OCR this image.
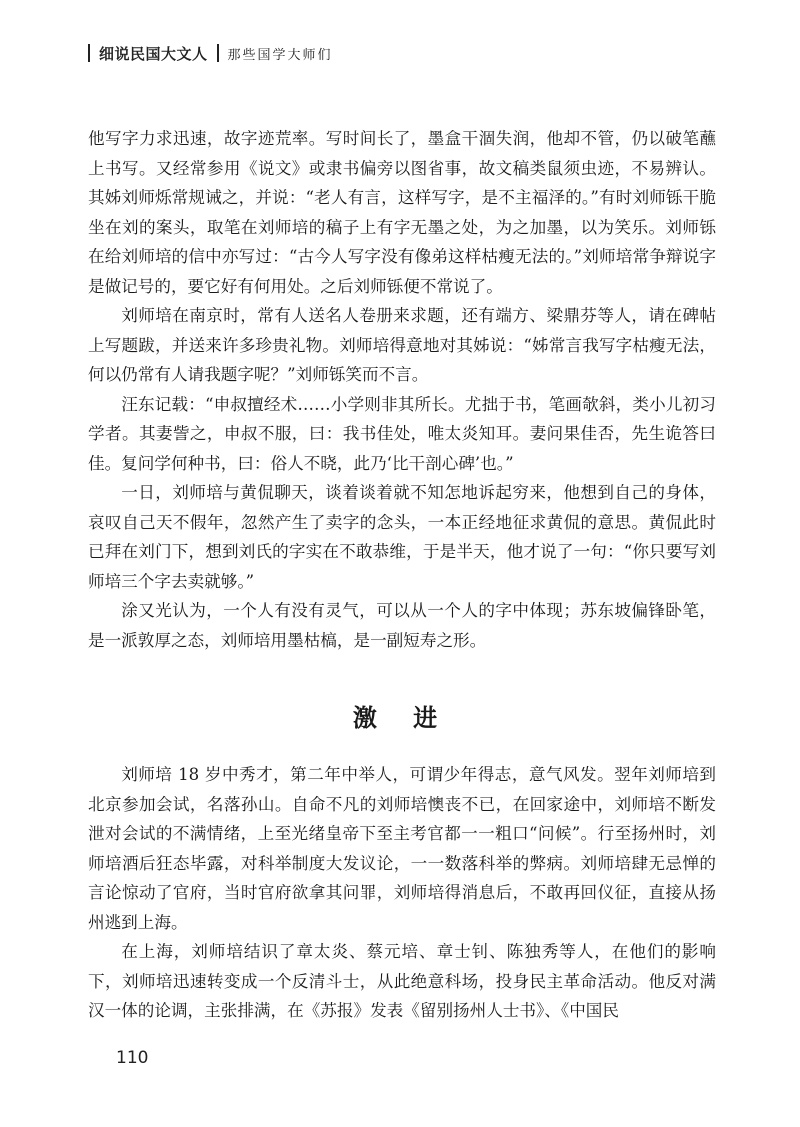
细说民国大文人 那些国学大师们

他写字力求迅速，故字迹荒率。写时间长了，墨盒干涸失润，他却不管，仍以破笔蘸上书写。又经常参用《说文》或隶书偏旁以图省事，故文稿类鼠须虫迹，不易辨认。其姊刘师烁常规诫之，并说：“老人有言，这样写字，是不主福泽的。”有时刘师铄干脆坐在刘的案头，取笔在刘师培的稿子上有字无墨之处，为之加墨，以为笑乐。刘师铄在给刘师培的信中亦写过：“古今人写字没有像弟这样枯瘦无法的。”刘师培常争辩说字是做记号的，要它好有何用处。之后刘师铄便不常说了。

刘师培在南京时，常有人送名人卷册来求题，还有端方、梁鼎芬等人，请在碑帖上写题跋，并送来许多珍贵礼物。刘师培得意地对其姊说：“姊常言我写字枯瘦无法，何以仍常有人请我题字呢？”刘师铄笑而不言。

汪东记载：“申叔擅经术……小学则非其所长。尤拙于书，笔画欹斜，类小儿初习学者。其妻訾之，申叔不服，曰：我书佳处，唯太炎知耳。妻问果佳否，先生诡答曰佳。复问学何种书，曰：俗人不晓，此乃‘比干剖心碑’也。”

一日，刘师培与黄侃聊天，谈着谈着就不知怎地诉起穷来，他想到自己的身体，哀叹自己天不假年，忽然产生了卖字的念头，一本正经地征求黄侃的意思。黄侃此时已拜在刘门下，想到刘氏的字实在不敢恭维，于是半天，他才说了一句：“你只要写刘师培三个字去卖就够。”

涂又光认为，一个人有没有灵气，可以从一个人的字中体现；苏东坡偏锋卧笔，是一派敦厚之态，刘师培用墨枯槁，是一副短寿之形。

激 进

刘师培 18 岁中秀才，第二年中举人，可谓少年得志，意气风发。翌年刘师培到北京参加会试，名落孙山。自命不凡的刘师培懊丧不已，在回家途中，刘师培不断发泄对会试的不满情绪，上至光绪皇帝下至主考官都一一粗口“问候”。行至扬州时，刘师培酒后狂态毕露，对科举制度大发议论，一一数落科举的弊病。刘师培肆无忌惮的言论惊动了官府，当时官府欲拿其问罪，刘师培得消息后，不敢再回仪征，直接从扬州逃到上海。

在上海，刘师培结识了章太炎、蔡元培、章士钊、陈独秀等人，在他们的影响下，刘师培迅速转变成一个反清斗士，从此绝意科场，投身民主革命活动。他反对满汉一体的论调，主张排满，在《苏报》发表《留别扬州人士书》、《中国民

110
